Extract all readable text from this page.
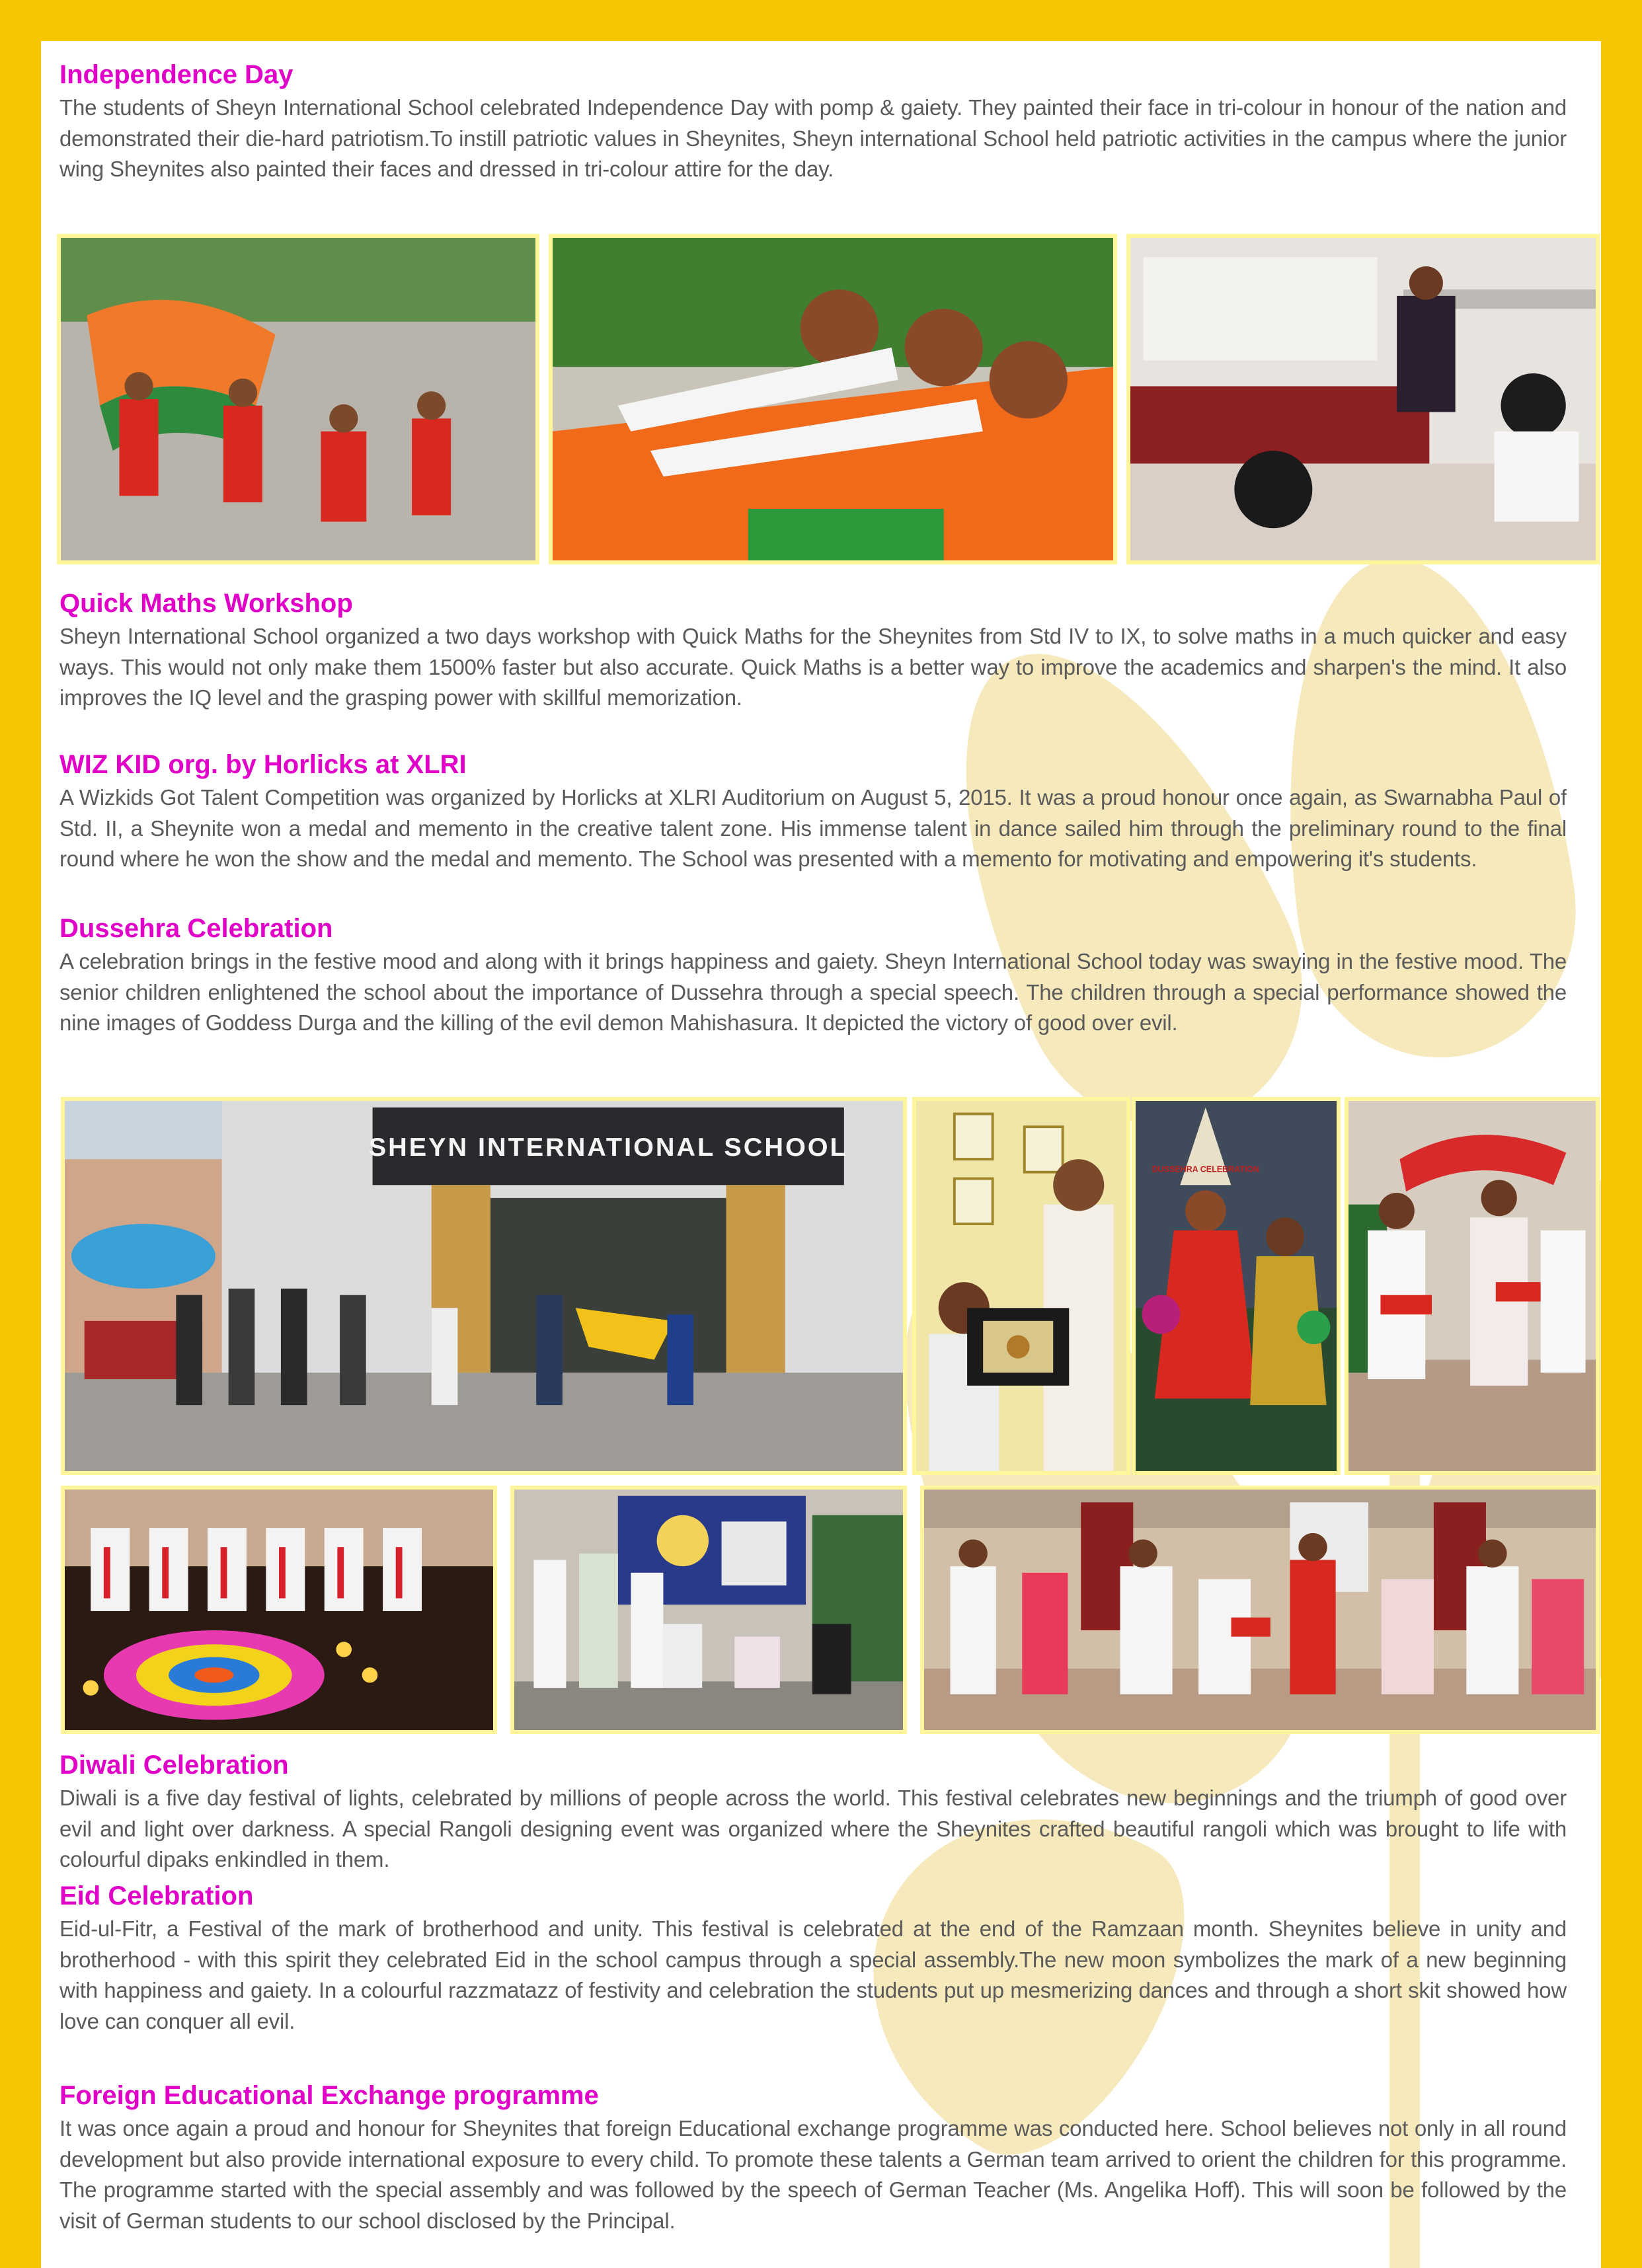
Independence Day
The students of Sheyn International School celebrated Independence Day with pomp & gaiety. They painted their face in tri-colour in honour of the nation and demonstrated their die-hard patriotism.To instill patriotic values in Sheynites, Sheyn international School held patriotic activities in the campus where the junior wing Sheynites also painted their faces and dressed in tri-colour attire for the day.
Quick Maths Workshop
Sheyn International School organized a two days workshop with Quick Maths for the Sheynites from Std IV to IX, to solve maths in a much quicker and easy ways. This would not only make them 1500% faster but also accurate. Quick Maths is a better way to improve the academics and sharpen's the mind. It also improves the IQ level and the grasping power with skillful memorization.
WIZ KID org. by Horlicks at XLRI
A Wizkids Got Talent Competition was organized by Horlicks at XLRI Auditorium on August 5, 2015. It was a proud honour once again, as Swarnabha Paul of Std. II, a Sheynite won a medal and memento in the creative talent zone. His immense talent in dance sailed him through the preliminary round to the final round where he won the show and the medal and memento. The School was presented with a memento for motivating and empowering it's students.
Dussehra Celebration
A celebration brings in the festive mood and along with it brings happiness and gaiety. Sheyn International School today was swaying in the festive mood. The senior children enlightened the school about the importance of Dussehra through a special speech. The children through a special performance showed the nine images of Goddess Durga and the killing of the evil demon Mahishasura. It depicted the victory of good over evil.
SHEYN INTERNATIONAL SCHOOL
DUSSEHRA CELEBRATION
Diwali Celebration
Diwali is a five day festival of lights, celebrated by millions of people across the world. This festival celebrates new beginnings and the triumph of good over evil and light over darkness. A special Rangoli designing event was organized where the Sheynites crafted beautiful rangoli which was brought to life with colourful dipaks enkindled in them.
Eid Celebration
Eid-ul-Fitr, a Festival of the mark of brotherhood and unity. This festival is celebrated at the end of the Ramzaan month. Sheynites believe in unity and brotherhood - with this spirit they celebrated Eid in the school campus through a special assembly.The new moon symbolizes the mark of a new beginning with happiness and gaiety. In a colourful razzmatazz of festivity and celebration the students put up mesmerizing dances and through a short skit showed how love can conquer all evil.
Foreign Educational Exchange programme
It was once again a proud and honour for Sheynites that foreign Educational exchange programme was conducted here. School believes not only in all round development but also provide international exposure to every child. To promote these talents a German team arrived to orient the children for this programme. The programme started with the special assembly and was followed by the speech of German Teacher (Ms. Angelika Hoff). This will soon be followed by the visit of German students to our school disclosed by the Principal.
